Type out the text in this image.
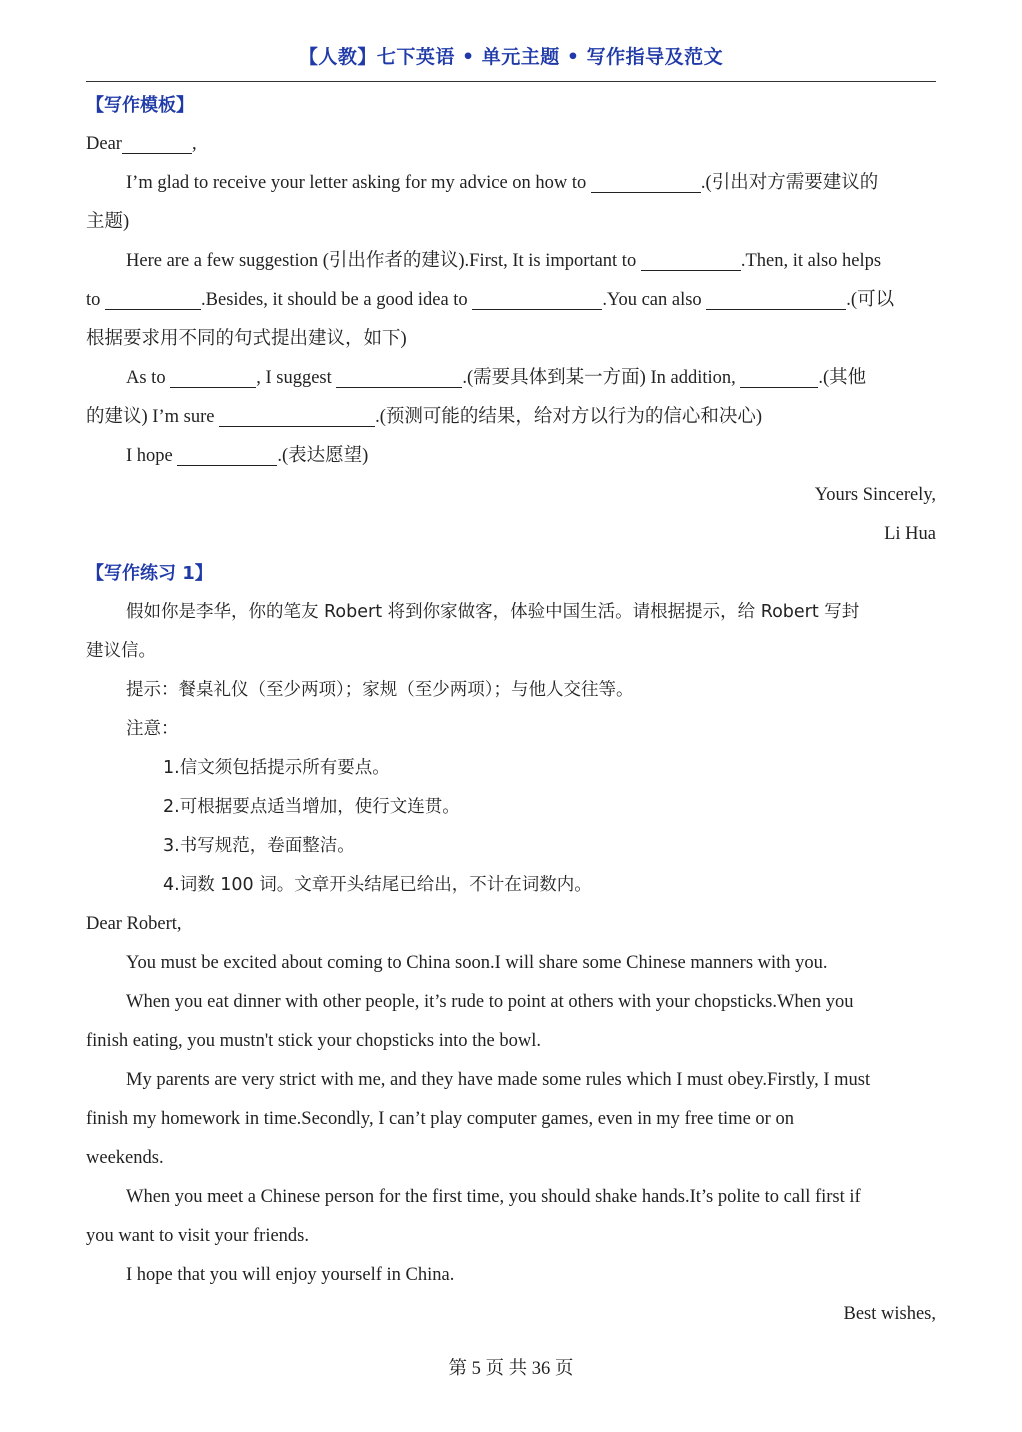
【人教】七下英语 • 单元主题 • 写作指导及范文
【写作模板】
Dear	,
I’m glad to receive your letter asking for my advice on how to	.(引出对方需要建议的
主题)
Here are a few suggestion (引出作者的建议).First, It is important to	.Then, it also helps
to	.Besides, it should be a good idea to	.You can also	.(可以
根据要求用不同的句式提出建议，如下)
As to	, I suggest	.(需要具体到某一方面) In addition,	.(其他
的建议) I’m sure	.(预测可能的结果，给对方以行为的信心和决心)
I hope	.(表达愿望)
Yours Sincerely,
Li Hua
【写作练习 1】
假如你是李华，你的笔友 Robert 将到你家做客，体验中国生活。请根据提示，给 Robert 写封
建议信。
提示：餐桌礼仪（至少两项）；家规（至少两项）；与他人交往等。
注意：
1.信文须包括提示所有要点。
2.可根据要点适当增加，使行文连贯。
3.书写规范，卷面整洁。
4.词数 100 词。文章开头结尾已给出，不计在词数内。
Dear Robert,
You must be excited about coming to China soon.I will share some Chinese manners with you.
When you eat dinner with other people, it’s rude to point at others with your chopsticks.When you
finish eating, you mustn't stick your chopsticks into the bowl.
My parents are very strict with me, and they have made some rules which I must obey.Firstly, I must
finish my homework in time.Secondly, I can’t play computer games, even in my free time or on
weekends.
When you meet a Chinese person for the first time, you should shake hands.It’s polite to call first if
you want to visit your friends.
I hope that you will enjoy yourself in China.
Best wishes,
第 5 页 共 36 页
